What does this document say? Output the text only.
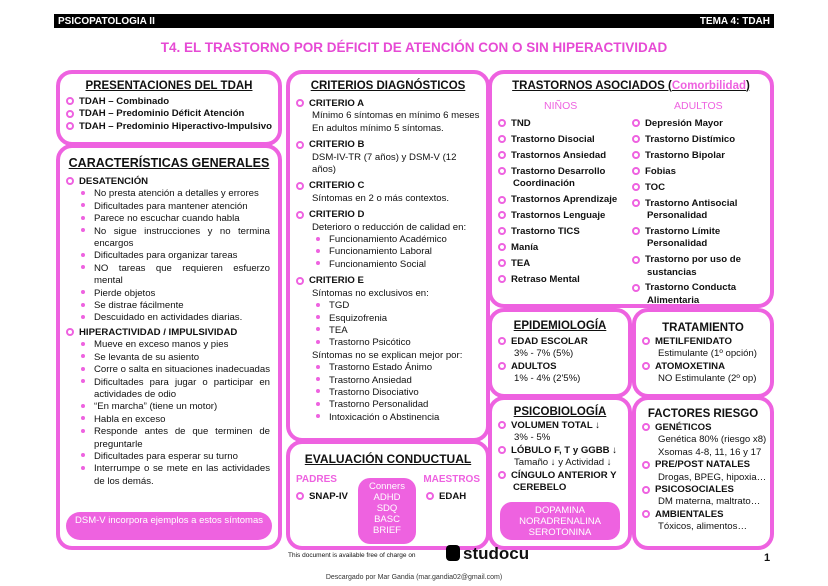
PSICOPATOLOGIA II	TEMA 4: TDAH
T4. EL TRASTORNO POR DÉFICIT DE ATENCIÓN CON O SIN HIPERACTIVIDAD
PRESENTACIONES DEL TDAH
TDAH – Combinado
TDAH – Predominio Déficit Atención
TDAH – Predominio Hiperactivo-Impulsivo
CARACTERÍSTICAS GENERALES
DESATENCIÓN
No presta atención a detalles y errores
Dificultades para mantener atención
Parece no escuchar cuando habla
No sigue instrucciones y no termina encargos
Dificultades para organizar tareas
NO tareas que requieren esfuerzo mental
Pierde objetos
Se distrae fácilmente
Descuidado en actividades diarias.
HIPERACTIVIDAD / IMPULSIVIDAD
Mueve en exceso manos y pies
Se levanta de su asiento
Corre o salta en situaciones inadecuadas
Dificultades para jugar o participar en actividades de odio
“En marcha” (tiene un motor)
Habla en exceso
Responde antes de que terminen de preguntarle
Dificultades para esperar su turno
Interrumpe o se mete en las actividades de los demás.
DSM-V incorpora ejemplos a estos síntomas
CRITERIOS DIAGNÓSTICOS
CRITERIO A
Mínimo 6 síntomas en mínimo 6 meses
En adultos mínimo 5 síntomas.
CRITERIO B
DSM-IV-TR (7 años) y DSM-V (12 años)
CRITERIO C
Síntomas en 2 o más contextos.
CRITERIO D
Deterioro o reducción de calidad en:
Funcionamiento Académico
Funcionamiento Laboral
Funcionamiento Social
CRITERIO E
Síntomas no exclusivos en:
TGD
Esquizofrenia
TEA
Trastorno Psicótico
Síntomas no se explican mejor por:
Trastorno Estado Ánimo
Trastorno Ansiedad
Trastorno Disociativo
Trastorno Personalidad
Intoxicación o Abstinencia
EVALUACIÓN CONDUCTUAL
PADRES	MAESTROS
SNAP-IV	EDAH
Conners
ADHD
SDQ
BASC
BRIEF
TRASTORNOS ASOCIADOS (Comorbilidad)
NIÑOS	ADULTOS
TND
Trastorno Disocial
Trastornos Ansiedad
Trastorno Desarrollo Coordinación
Trastornos Aprendizaje
Trastornos Lenguaje
Trastorno TICS
Manía
TEA
Retraso Mental
Depresión Mayor
Trastorno Distímico
Trastorno Bipolar
Fobias
TOC
Trastorno Antisocial Personalidad
Trastorno Límite Personalidad
Trastorno por uso de sustancias
Trastorno Conducta Alimentaria
EPIDEMIOLOGÍA
EDAD ESCOLAR
3% - 7% (5%)
ADULTOS
1% - 4% (2'5%)
TRATAMIENTO
METILFENIDATO
Estimulante (1º opción)
ATOMOXETINA
NO Estimulante (2º op)
PSICOBIOLOGÍA
VOLUMEN TOTAL ↓
3% - 5%
LÓBULO F, T y GGBB ↓
Tamaño ↓ y Actividad ↓
CÍNGULO ANTERIOR Y CEREBELO
DOPAMINA
NORADRENALINA
SEROTONINA
FACTORES RIESGO
GENÉTICOS
Genética 80% (riesgo x8)
Xsomas 4-8, 11, 16 y 17
PRE/POST NATALES
Drogas, BPEG, hipoxia…
PSICOSOCIALES
DM materna, maltrato…
AMBIENTALES
Tóxicos, alimentos…
This document is available free of charge on	studocu	1
Descargado por Mar Gandia (mar.gandia02@gmail.com)
